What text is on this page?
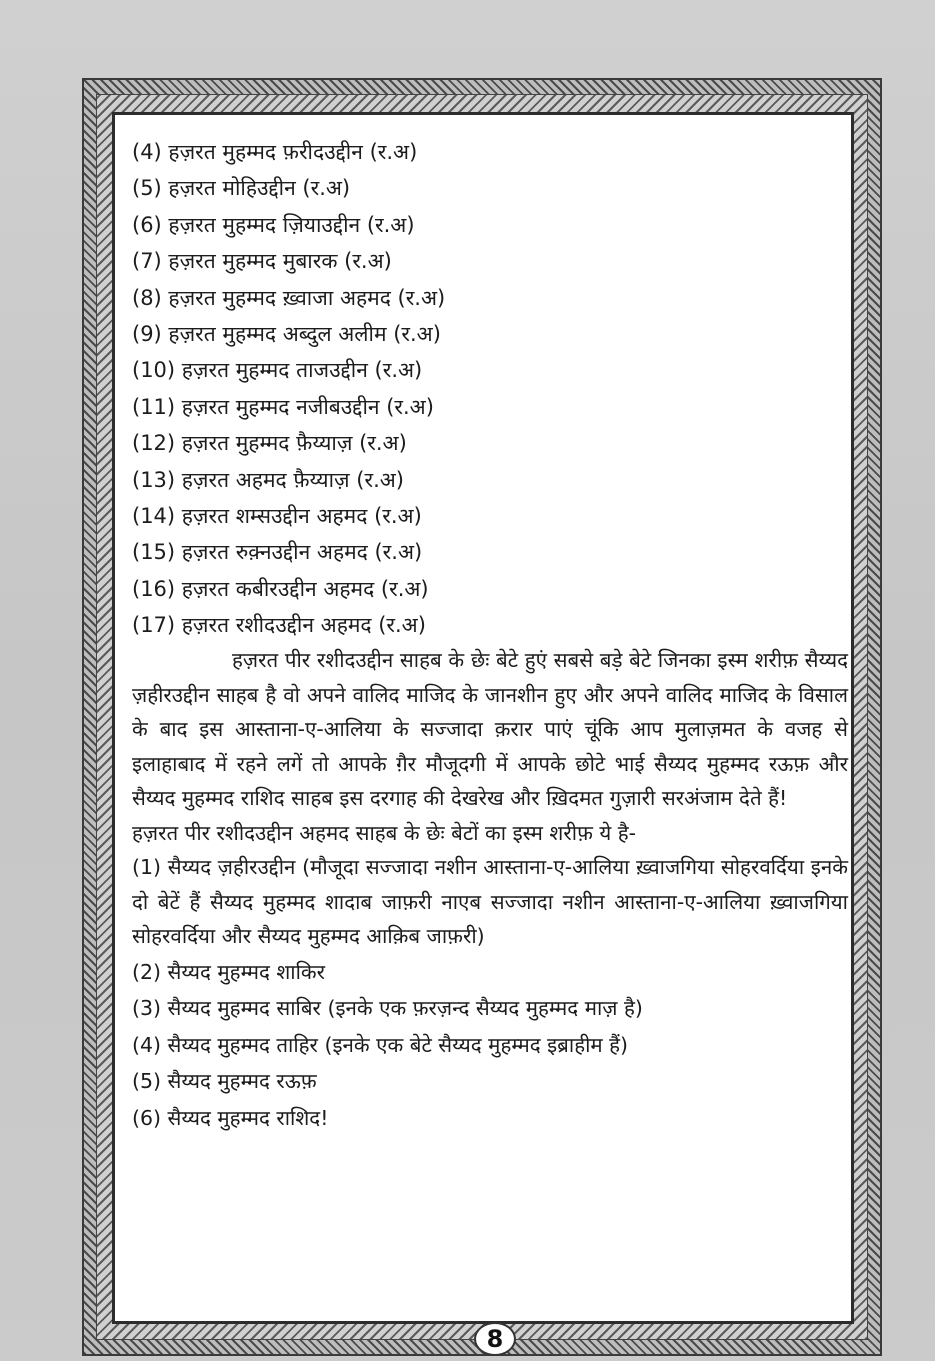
(4) हज़रत मुहम्मद फ़रीदउद्दीन (र.अ)
(5) हज़रत मोहिउद्दीन (र.अ)
(6) हज़रत मुहम्मद ज़ियाउद्दीन (र.अ)
(7) हज़रत मुहम्मद मुबारक (र.अ)
(8) हज़रत मुहम्मद ख़्वाजा अहमद (र.अ)
(9) हज़रत मुहम्मद अब्दुल अलीम (र.अ)
(10) हज़रत मुहम्मद ताजउद्दीन (र.अ)
(11) हज़रत मुहम्मद नजीबउद्दीन (र.अ)
(12) हज़रत मुहम्मद फ़ैय्याज़ (र.अ)
(13) हज़रत अहमद फ़ैय्याज़ (र.अ)
(14) हज़रत शम्सउद्दीन अहमद (र.अ)
(15) हज़रत रुक़्नउद्दीन अहमद (र.अ)
(16) हज़रत कबीरउद्दीन अहमद (र.अ)
(17) हज़रत रशीदउद्दीन अहमद (र.अ)
हज़रत पीर रशीदउद्दीन साहब के छेः बेटे हुएं सबसे बड़े बेटे जिनका इस्म शरीफ़ सैय्यद ज़हीरउद्दीन साहब है वो अपने वालिद माजिद के जानशीन हुए और अपने वालिद माजिद के विसाल के बाद इस आस्ताना-ए-आलिया के सज्जादा क़रार पाएं चूंकि आप मुलाज़मत के वजह से इलाहाबाद में रहने लगें तो आपके ग़ैर मौजूदगी में आपके छोटे भाई सैय्यद मुहम्मद रऊफ़ और सैय्यद मुहम्मद राशिद साहब इस दरगाह की देखरेख और ख़िदमत गुज़ारी सरअंजाम देते हैं!
हज़रत पीर रशीदउद्दीन अहमद साहब के छेः बेटों का इस्म शरीफ़ ये है-
(1) सैय्यद ज़हीरउद्दीन (मौजूदा सज्जादा नशीन आस्ताना-ए-आलिया ख़्वाजगिया सोहरवर्दिया इनके दो बेटें हैं सैय्यद मुहम्मद शादाब जाफ़री नाएब सज्जादा नशीन आस्ताना-ए-आलिया ख़्वाजगिया सोहरवर्दिया और सैय्यद मुहम्मद आक़िब जाफ़री)
(2) सैय्यद मुहम्मद शाकिर
(3) सैय्यद मुहम्मद साबिर (इनके एक फ़रज़न्द सैय्यद मुहम्मद माज़ है)
(4) सैय्यद मुहम्मद ताहिर (इनके एक बेटे सैय्यद मुहम्मद इब्राहीम हैं)
(5) सैय्यद मुहम्मद रऊफ़
(6) सैय्यद मुहम्मद राशिद!
8
